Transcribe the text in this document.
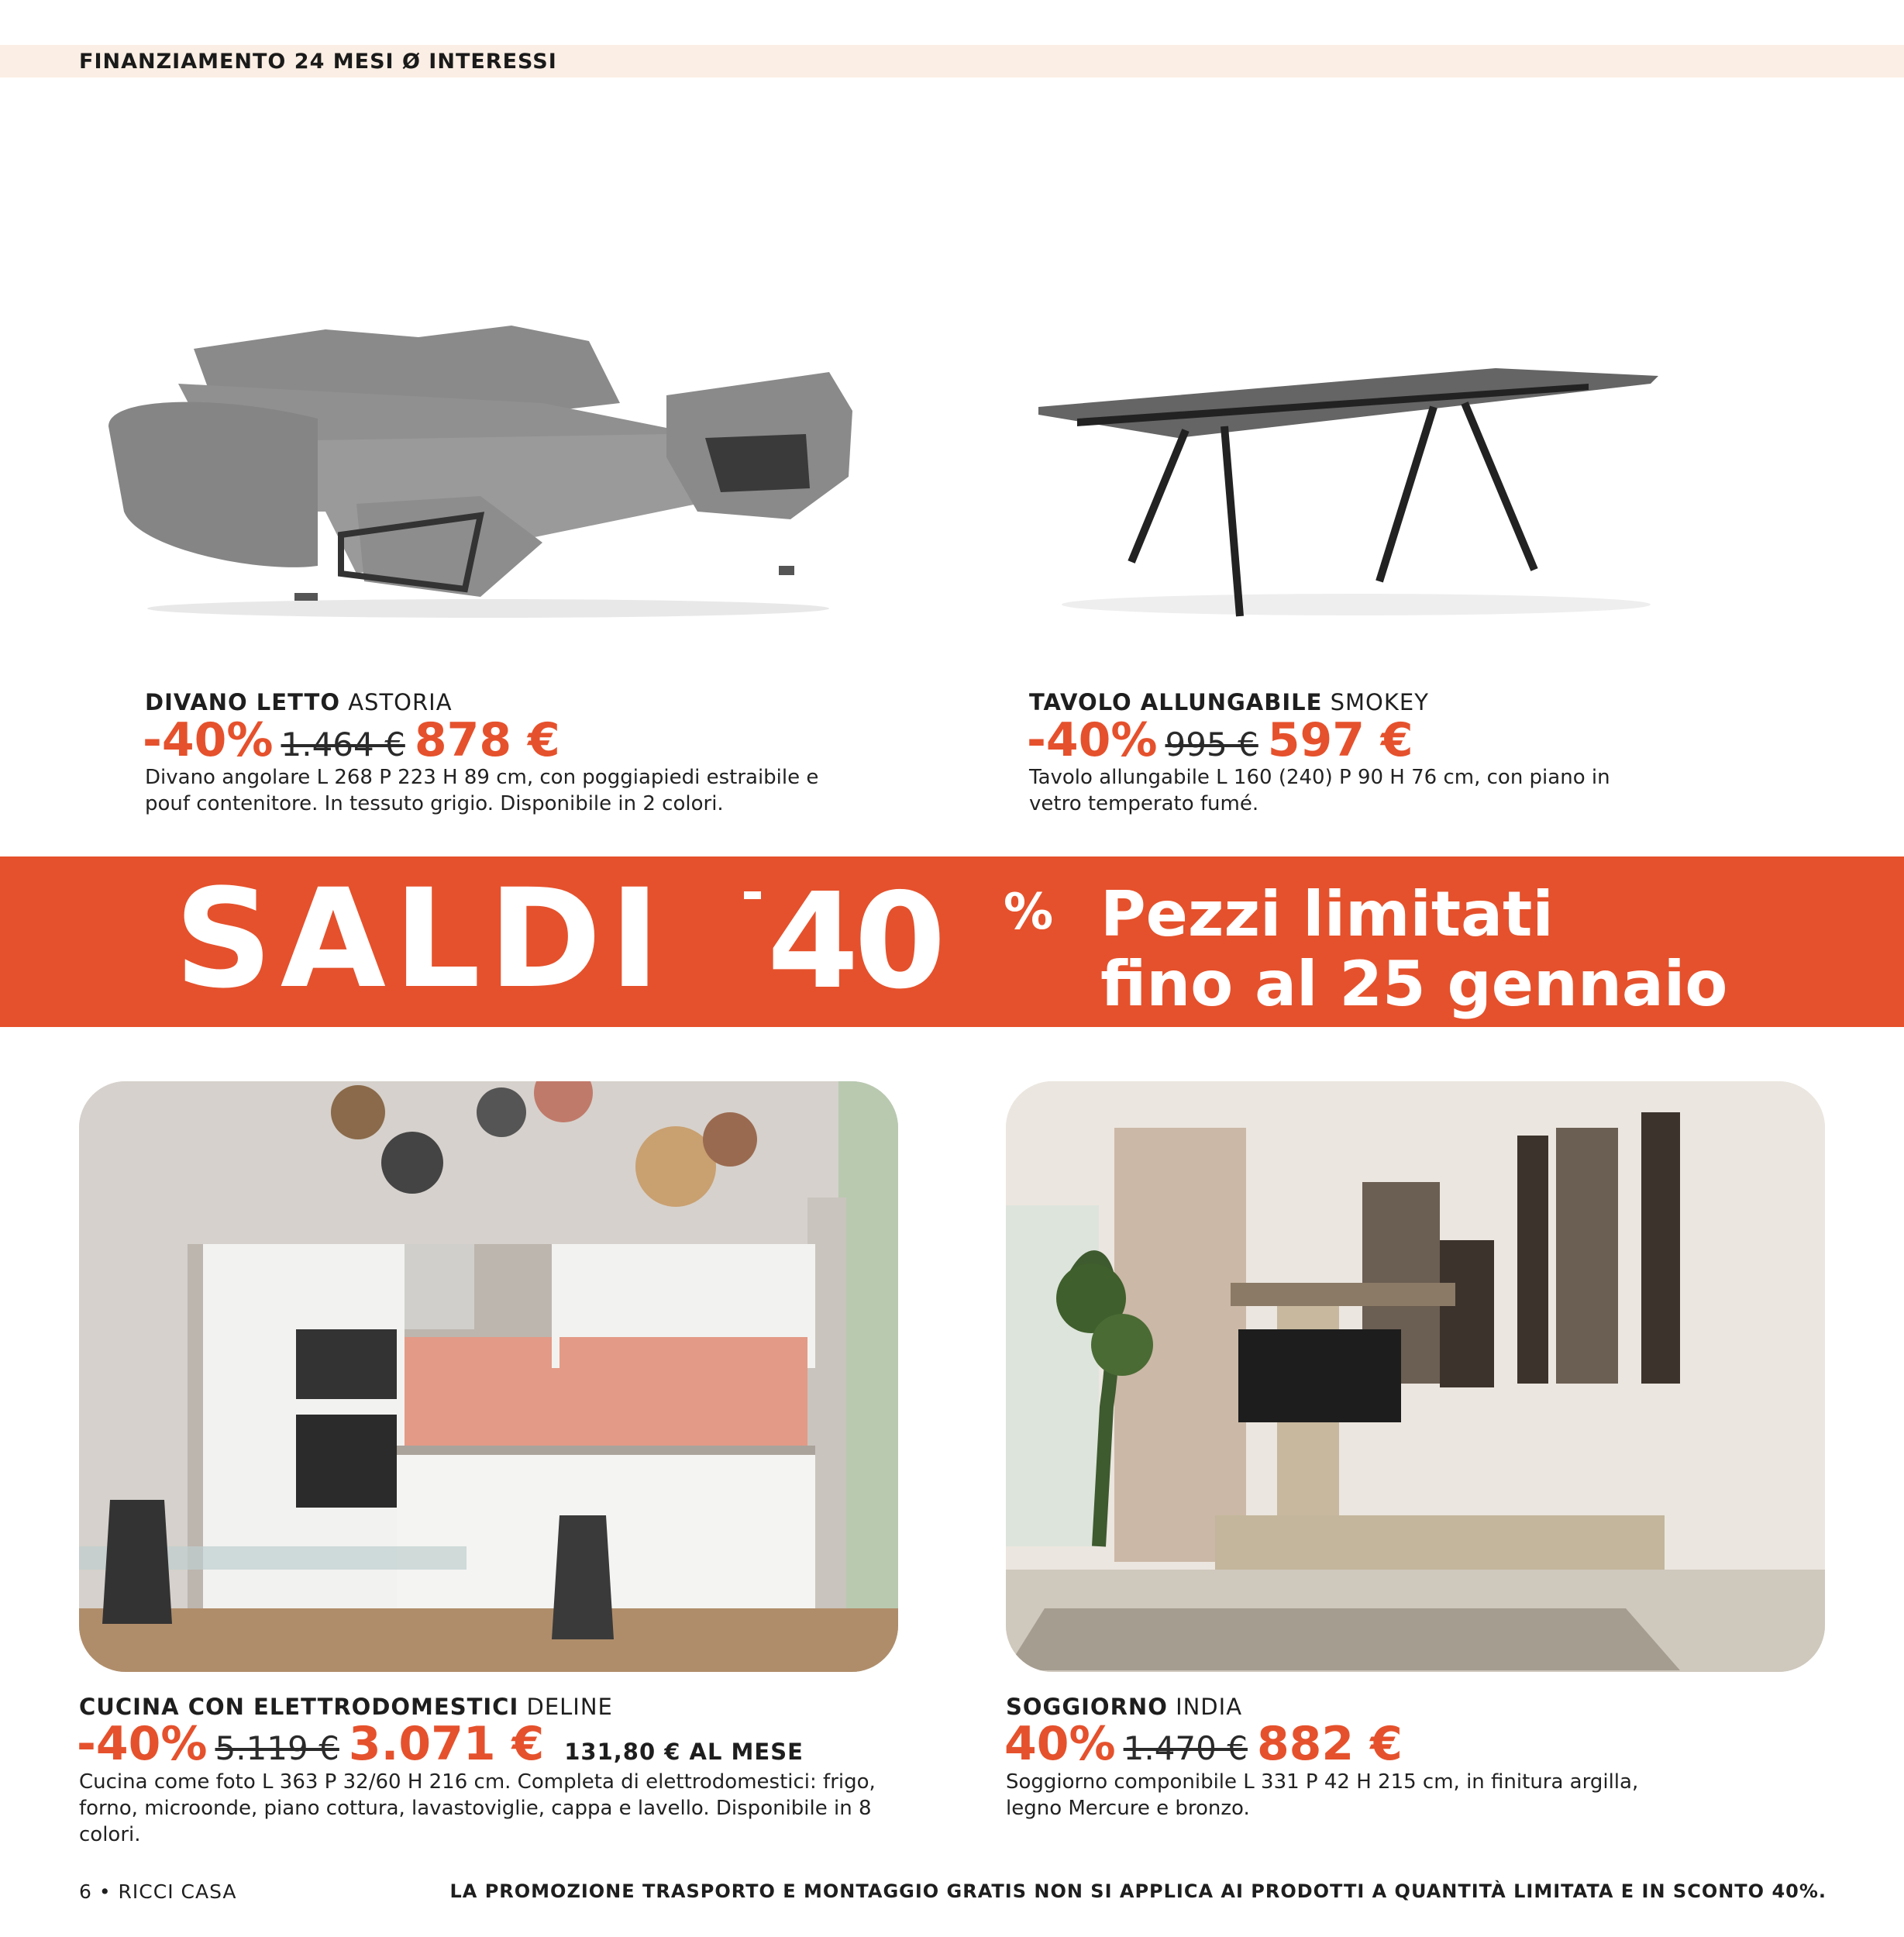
FINANZIAMENTO 24 MESI Ø INTERESSI
DIVANO LETTO ASTORIA
-40% 1.464 € 878 €
Divano angolare L 268 P 223 H 89 cm, con poggiapiedi estraibile e pouf contenitore. In tessuto grigio. Disponibile in 2 colori.
TAVOLO ALLUNGABILE SMOKEY
-40% 995 € 597 €
Tavolo allungabile L 160 (240) P 90 H 76 cm, con piano in vetro temperato fumé.
SALDI 40 % Pezzi limitati
fino al 25 gennaio
CUCINA CON ELETTRODOMESTICI DELINE
-40% 5.119 € 3.071 € 131,80 € AL MESE
Cucina come foto L 363 P 32/60 H 216 cm. Completa di elettrodomestici: frigo, forno, microonde, piano cottura, lavastoviglie, cappa e lavello. Disponibile in 8 colori.
SOGGIORNO INDIA
40% 1.470 € 882 €
Soggiorno componibile L 331 P 42 H 215 cm, in finitura argilla, legno Mercure e bronzo.
6 • RICCI CASA	LA PROMOZIONE TRASPORTO E MONTAGGIO GRATIS NON SI APPLICA AI PRODOTTI A QUANTITÀ LIMITATA E IN SCONTO 40%.
